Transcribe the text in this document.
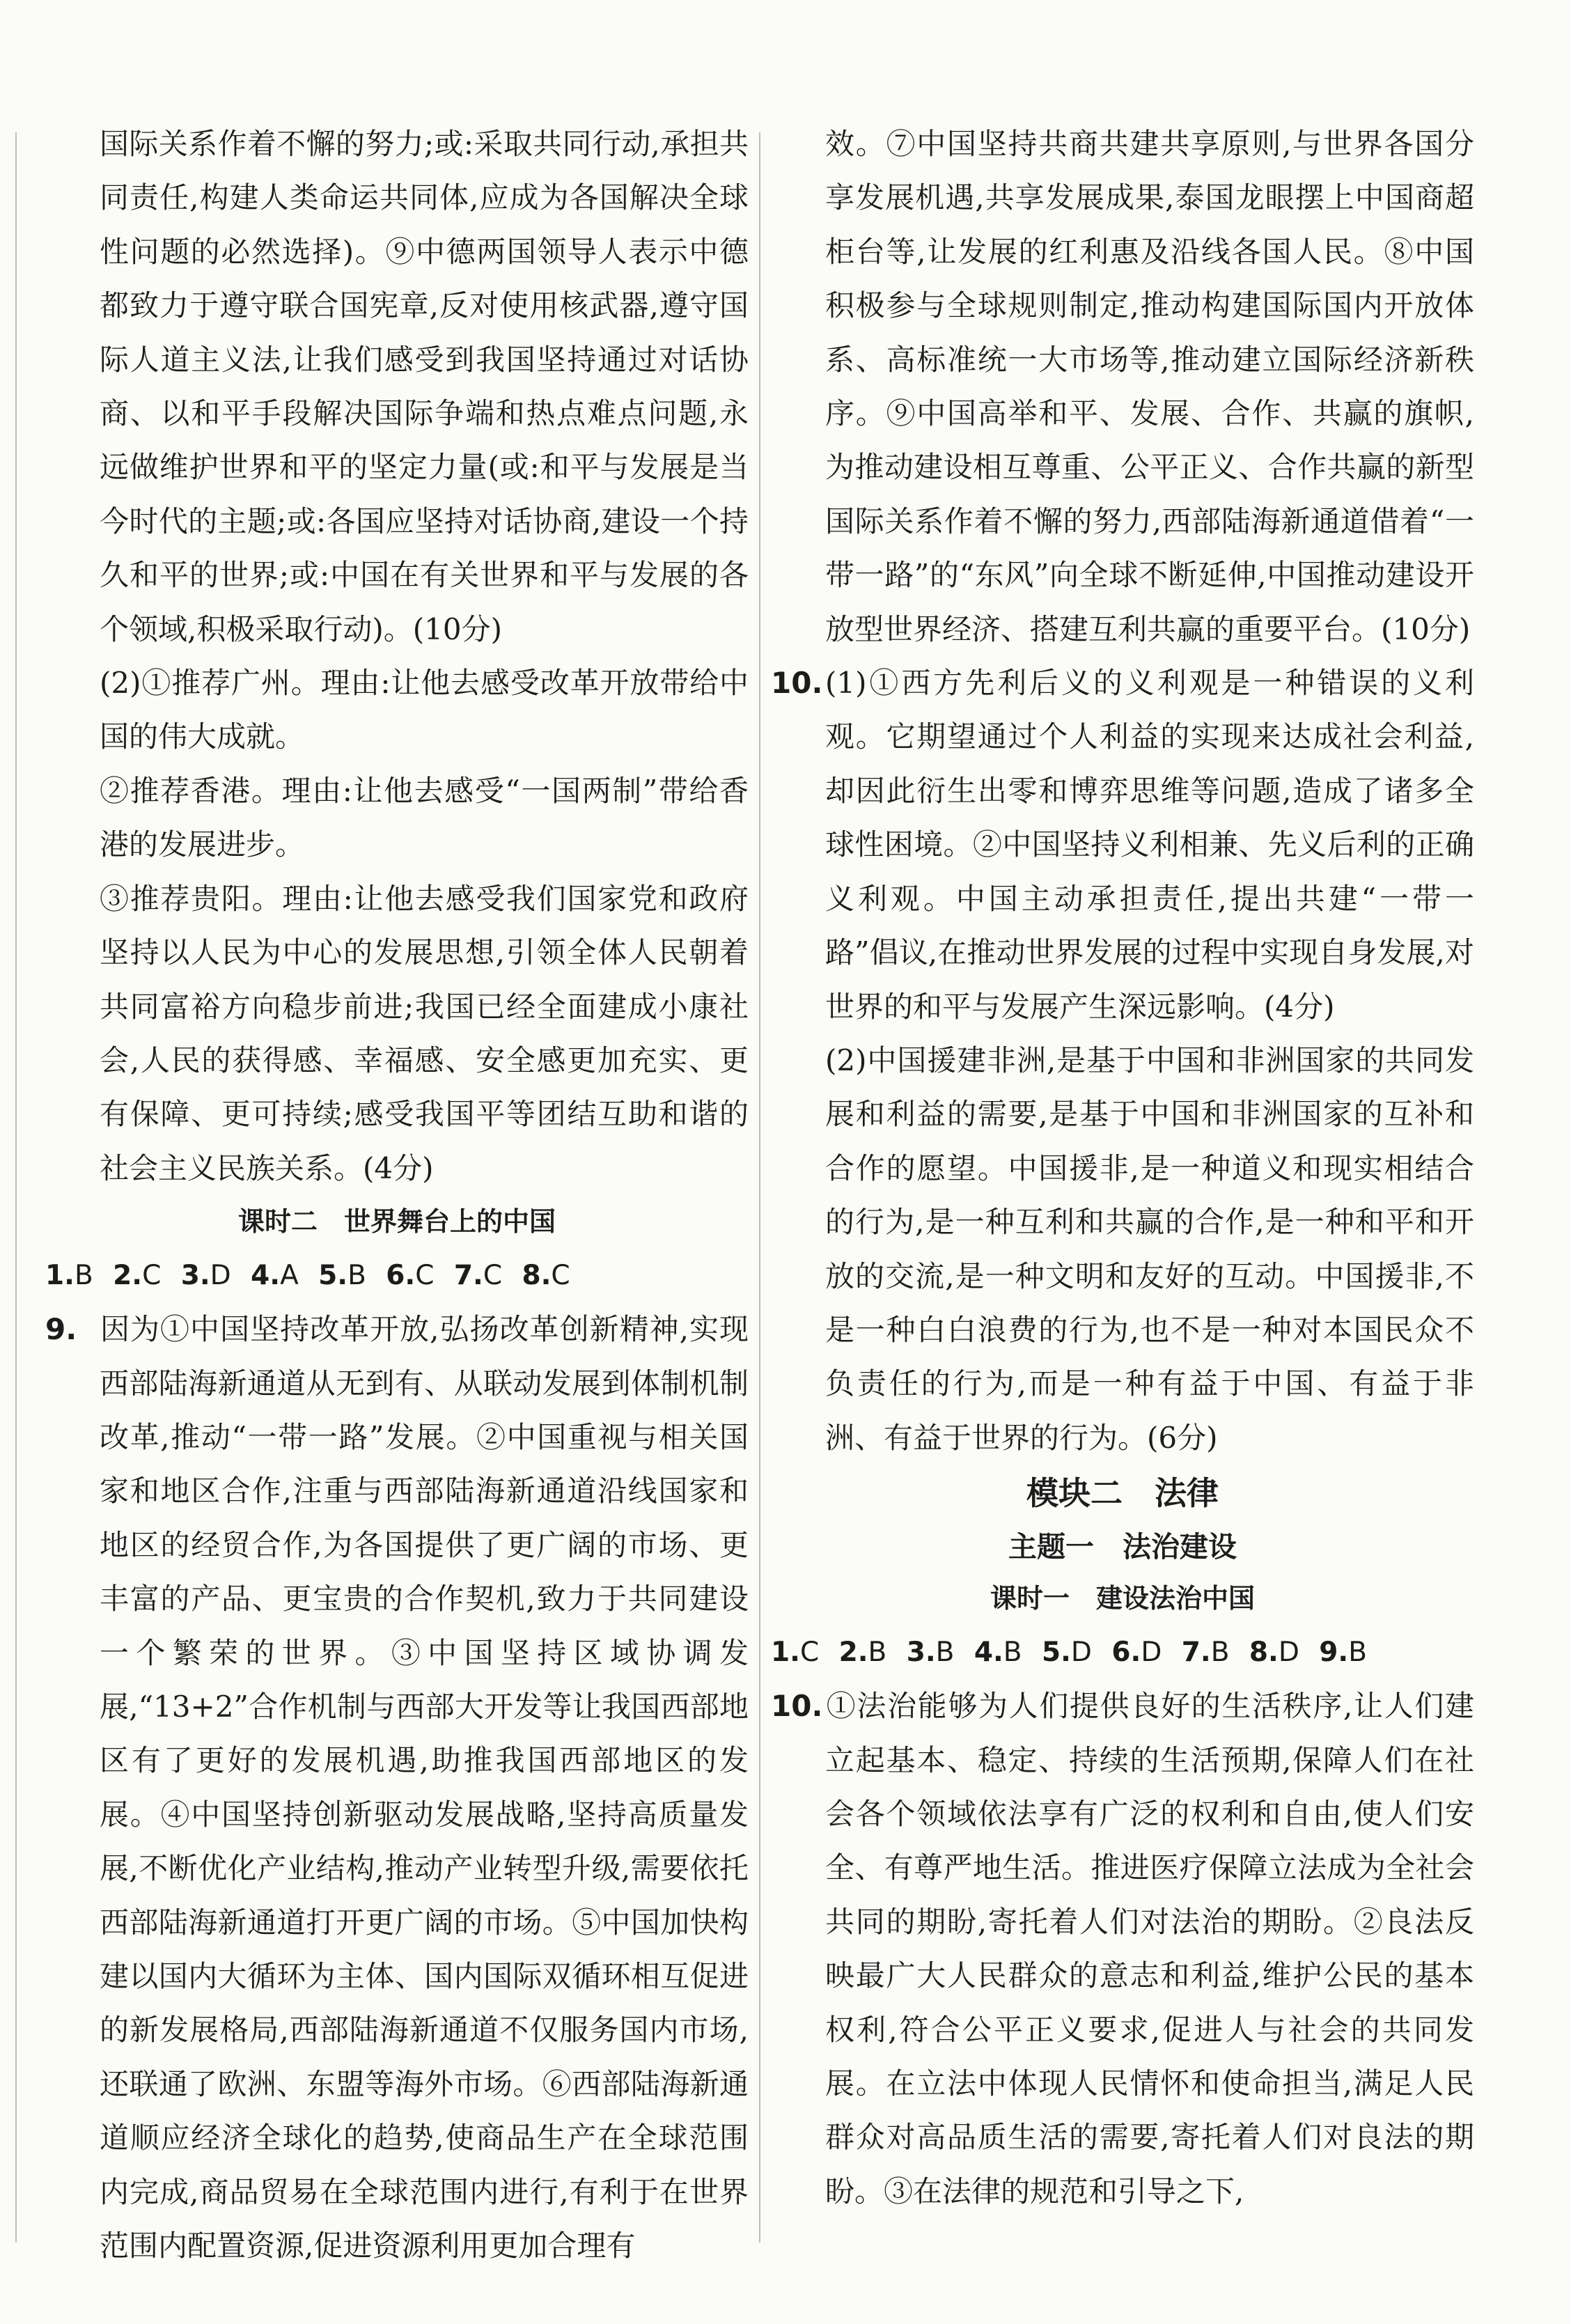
国际关系作着不懈的努力;或:采取共同行动,承担共同责任,构建人类命运共同体,应成为各国解决全球性问题的必然选择)。⑨中德两国领导人表示中德都致力于遵守联合国宪章,反对使用核武器,遵守国际人道主义法,让我们感受到我国坚持通过对话协商、以和平手段解决国际争端和热点难点问题,永远做维护世界和平的坚定力量(或:和平与发展是当今时代的主题;或:各国应坚持对话协商,建设一个持久和平的世界;或:中国在有关世界和平与发展的各个领域,积极采取行动)。(10分)

(2)①推荐广州。理由:让他去感受改革开放带给中国的伟大成就。

②推荐香港。理由:让他去感受“一国两制”带给香港的发展进步。

③推荐贵阳。理由:让他去感受我们国家党和政府坚持以人民为中心的发展思想,引领全体人民朝着共同富裕方向稳步前进;我国已经全面建成小康社会,人民的获得感、幸福感、安全感更加充实、更有保障、更可持续;感受我国平等团结互助和谐的社会主义民族关系。(4分)

课时二　世界舞台上的中国

1.B 2.C 3.D 4.A 5.B 6.C 7.C 8.C

9. 因为①中国坚持改革开放,弘扬改革创新精神,实现西部陆海新通道从无到有、从联动发展到体制机制改革,推动“一带一路”发展。②中国重视与相关国家和地区合作,注重与西部陆海新通道沿线国家和地区的经贸合作,为各国提供了更广阔的市场、更丰富的产品、更宝贵的合作契机,致力于共同建设一个繁荣的世界。③中国坚持区域协调发展,“13+2”合作机制与西部大开发等让我国西部地区有了更好的发展机遇,助推我国西部地区的发展。④中国坚持创新驱动发展战略,坚持高质量发展,不断优化产业结构,推动产业转型升级,需要依托西部陆海新通道打开更广阔的市场。⑤中国加快构建以国内大循环为主体、国内国际双循环相互促进的新发展格局,西部陆海新通道不仅服务国内市场,还联通了欧洲、东盟等海外市场。⑥西部陆海新通道顺应经济全球化的趋势,使商品生产在全球范围内完成,商品贸易在全球范围内进行,有利于在世界范围内配置资源,促进资源利用更加合理有

效。⑦中国坚持共商共建共享原则,与世界各国分享发展机遇,共享发展成果,泰国龙眼摆上中国商超柜台等,让发展的红利惠及沿线各国人民。⑧中国积极参与全球规则制定,推动构建国际国内开放体系、高标准统一大市场等,推动建立国际经济新秩序。⑨中国高举和平、发展、合作、共赢的旗帜,为推动建设相互尊重、公平正义、合作共赢的新型国际关系作着不懈的努力,西部陆海新通道借着“一带一路”的“东风”向全球不断延伸,中国推动建设开放型世界经济、搭建互利共赢的重要平台。(10分)

10.(1)①西方先利后义的义利观是一种错误的义利观。它期望通过个人利益的实现来达成社会利益,却因此衍生出零和博弈思维等问题,造成了诸多全球性困境。②中国坚持义利相兼、先义后利的正确义利观。中国主动承担责任,提出共建“一带一路”倡议,在推动世界发展的过程中实现自身发展,对世界的和平与发展产生深远影响。(4分)

(2)中国援建非洲,是基于中国和非洲国家的共同发展和利益的需要,是基于中国和非洲国家的互补和合作的愿望。中国援非,是一种道义和现实相结合的行为,是一种互利和共赢的合作,是一种和平和开放的交流,是一种文明和友好的互动。中国援非,不是一种白白浪费的行为,也不是一种对本国民众不负责任的行为,而是一种有益于中国、有益于非洲、有益于世界的行为。(6分)

模块二　法律

主题一　法治建设

课时一　建设法治中国

1.C 2.B 3.B 4.B 5.D 6.D 7.B 8.D 9.B

10.①法治能够为人们提供良好的生活秩序,让人们建立起基本、稳定、持续的生活预期,保障人们在社会各个领域依法享有广泛的权利和自由,使人们安全、有尊严地生活。推进医疗保障立法成为全社会共同的期盼,寄托着人们对法治的期盼。②良法反映最广大人民群众的意志和利益,维护公民的基本权利,符合公平正义要求,促进人与社会的共同发展。在立法中体现人民情怀和使命担当,满足人民群众对高品质生活的需要,寄托着人们对良法的期盼。③在法律的规范和引导之下,
